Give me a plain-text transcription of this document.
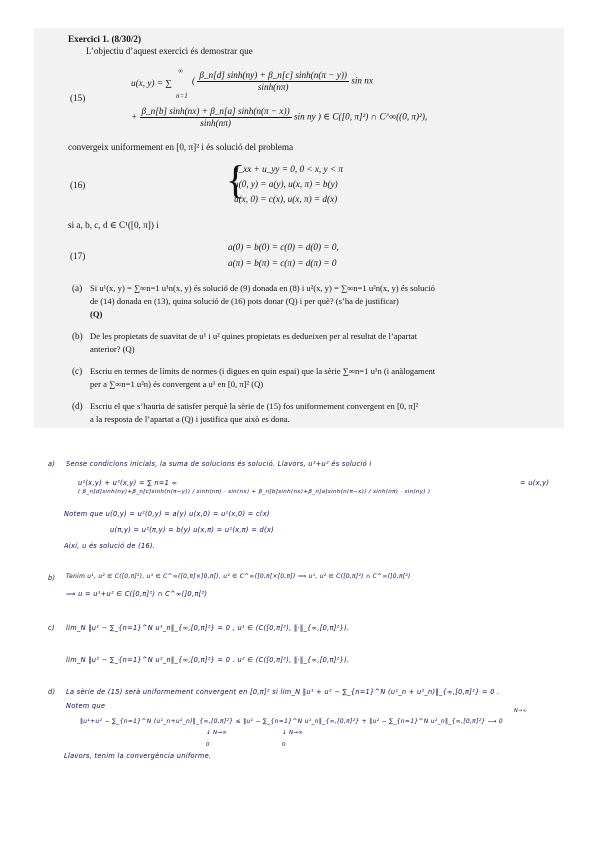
Exercici 1. (8/30/2)
L’objectiu d’aquest exercici és demostrar que
(15)
u(x, y) = ∑
∞
n=1
( $\frac{\beta\_n[d] \sinh(ny) + \beta\_n[c] \sinh(n(\pi - y))}{\sinh(n\pi)}$ sin nx
+ $\frac{\beta\_n[b] \sinh(nx) + \beta\_n[a] \sinh(n(\pi - x))}{\sinh(n\pi)}$ sin ny ) ∈ C([0, π]²) ∩ C^∞((0, π)²),
convergeix uniformement en [0, π]² i és solució del problema
(16)	{
u_xx + u_yy = 0, 0 < x, y < π
u(0, y) = a(y), u(x, π) = b(y)
u(x, 0) = c(x), u(x, π) = d(x)
si a, b, c, d ∈ C¹([0, π]) i
(17)
a(0) = b(0) = c(0) = d(0) = 0,
a(π) = b(π) = c(π) = d(π) = 0
(a) Si u¹(x, y) = ∑∞n=1 u¹n(x, y) és solució de (9) donada en (8) i u²(x, y) = ∑∞n=1 u²n(x, y) és solució
de (14) donada en (13), quina solució de (16) pots donar (Q) i per què? (s’ha de justificar)
(Q)
(b) De les propietats de suavitat de u¹ i u² quines propietats es dedueixen per al resultat de l’apartat
anterior? (Q)
(c) Escriu en termes de límits de normes (i digues en quin espai) que la sèrie ∑∞n=1 u¹n (i anàlogament
per a ∑∞n=1 u²n) és convergent a u¹ en [0, π]² (Q)
(d) Escriu el que s’hauria de satisfer perquè la sèrie de (15) fos uniformement convergent en [0, π]²
a la resposta de l’apartat a (Q) i justifica que això es dona.
a) Sense condicions inicials, la suma de solucions és solució. Llavors, u¹+u² és solució i
u¹(x,y) + u²(x,y) = ∑ n=1 ∞
( β_n[d]sinh(ny)+β_n[c]sinh(n(π−y)) / sinh(nπ) · sin(nx) + β_n[b]sinh(nx)+β_n[a]sinh(n(π−x)) / sinh(nπ) · sin(ny) )
= u(x,y)
Notem que u(0,y) = u²(0,y) = a(y) u(x,0) = u¹(x,0) = c(x)
u(π,y) = u²(π,y) = b(y) u(x,π) = u¹(x,π) = d(x)
Així, u és solució de (16).
b) Tenim u¹, u² ∈ C([0,π]²), u¹ ∈ C^∞([0,π]×]0,π[), u² ∈ C^∞(]0,π[×[0,π]) ⟹ u¹, u² ∈ C([0,π]²) ∩ C^∞(]0,π[²)
⟹ u = u¹+u² ∈ C([0,π]²) ∩ C^∞(]0,π[²)
c) lim_N ‖u¹ − ∑_{n=1}^N u¹_n‖_{∞,[0,π]²} = 0 , u¹ ∈ (C([0,π]²), ‖·‖_{∞,[0,π]²}).
lim_N ‖u² − ∑_{n=1}^N u²_n‖_{∞,[0,π]²} = 0 . u² ∈ (C([0,π]²), ‖·‖_{∞,[0,π]²}).
d) La sèrie de (15) serà uniformement convergent en [0,π]² si lim_N ‖u¹ + u² − ∑_{n=1}^N (u¹_n + u²_n)‖_{∞,[0,π]²} = 0 .
Notem que
‖u¹+u² − ∑_{n=1}^N (u¹_n+u²_n)‖_{∞,[0,π]²} ≤ ‖u¹ − ∑_{n=1}^N u¹_n‖_{∞,[0,π]²} + ‖u² − ∑_{n=1}^N u²_n‖_{∞,[0,π]²} ⟶ 0
N→∞
↓ N→∞
0
↓ N→∞
0
Llavors, tenim la convergència uniforme.
